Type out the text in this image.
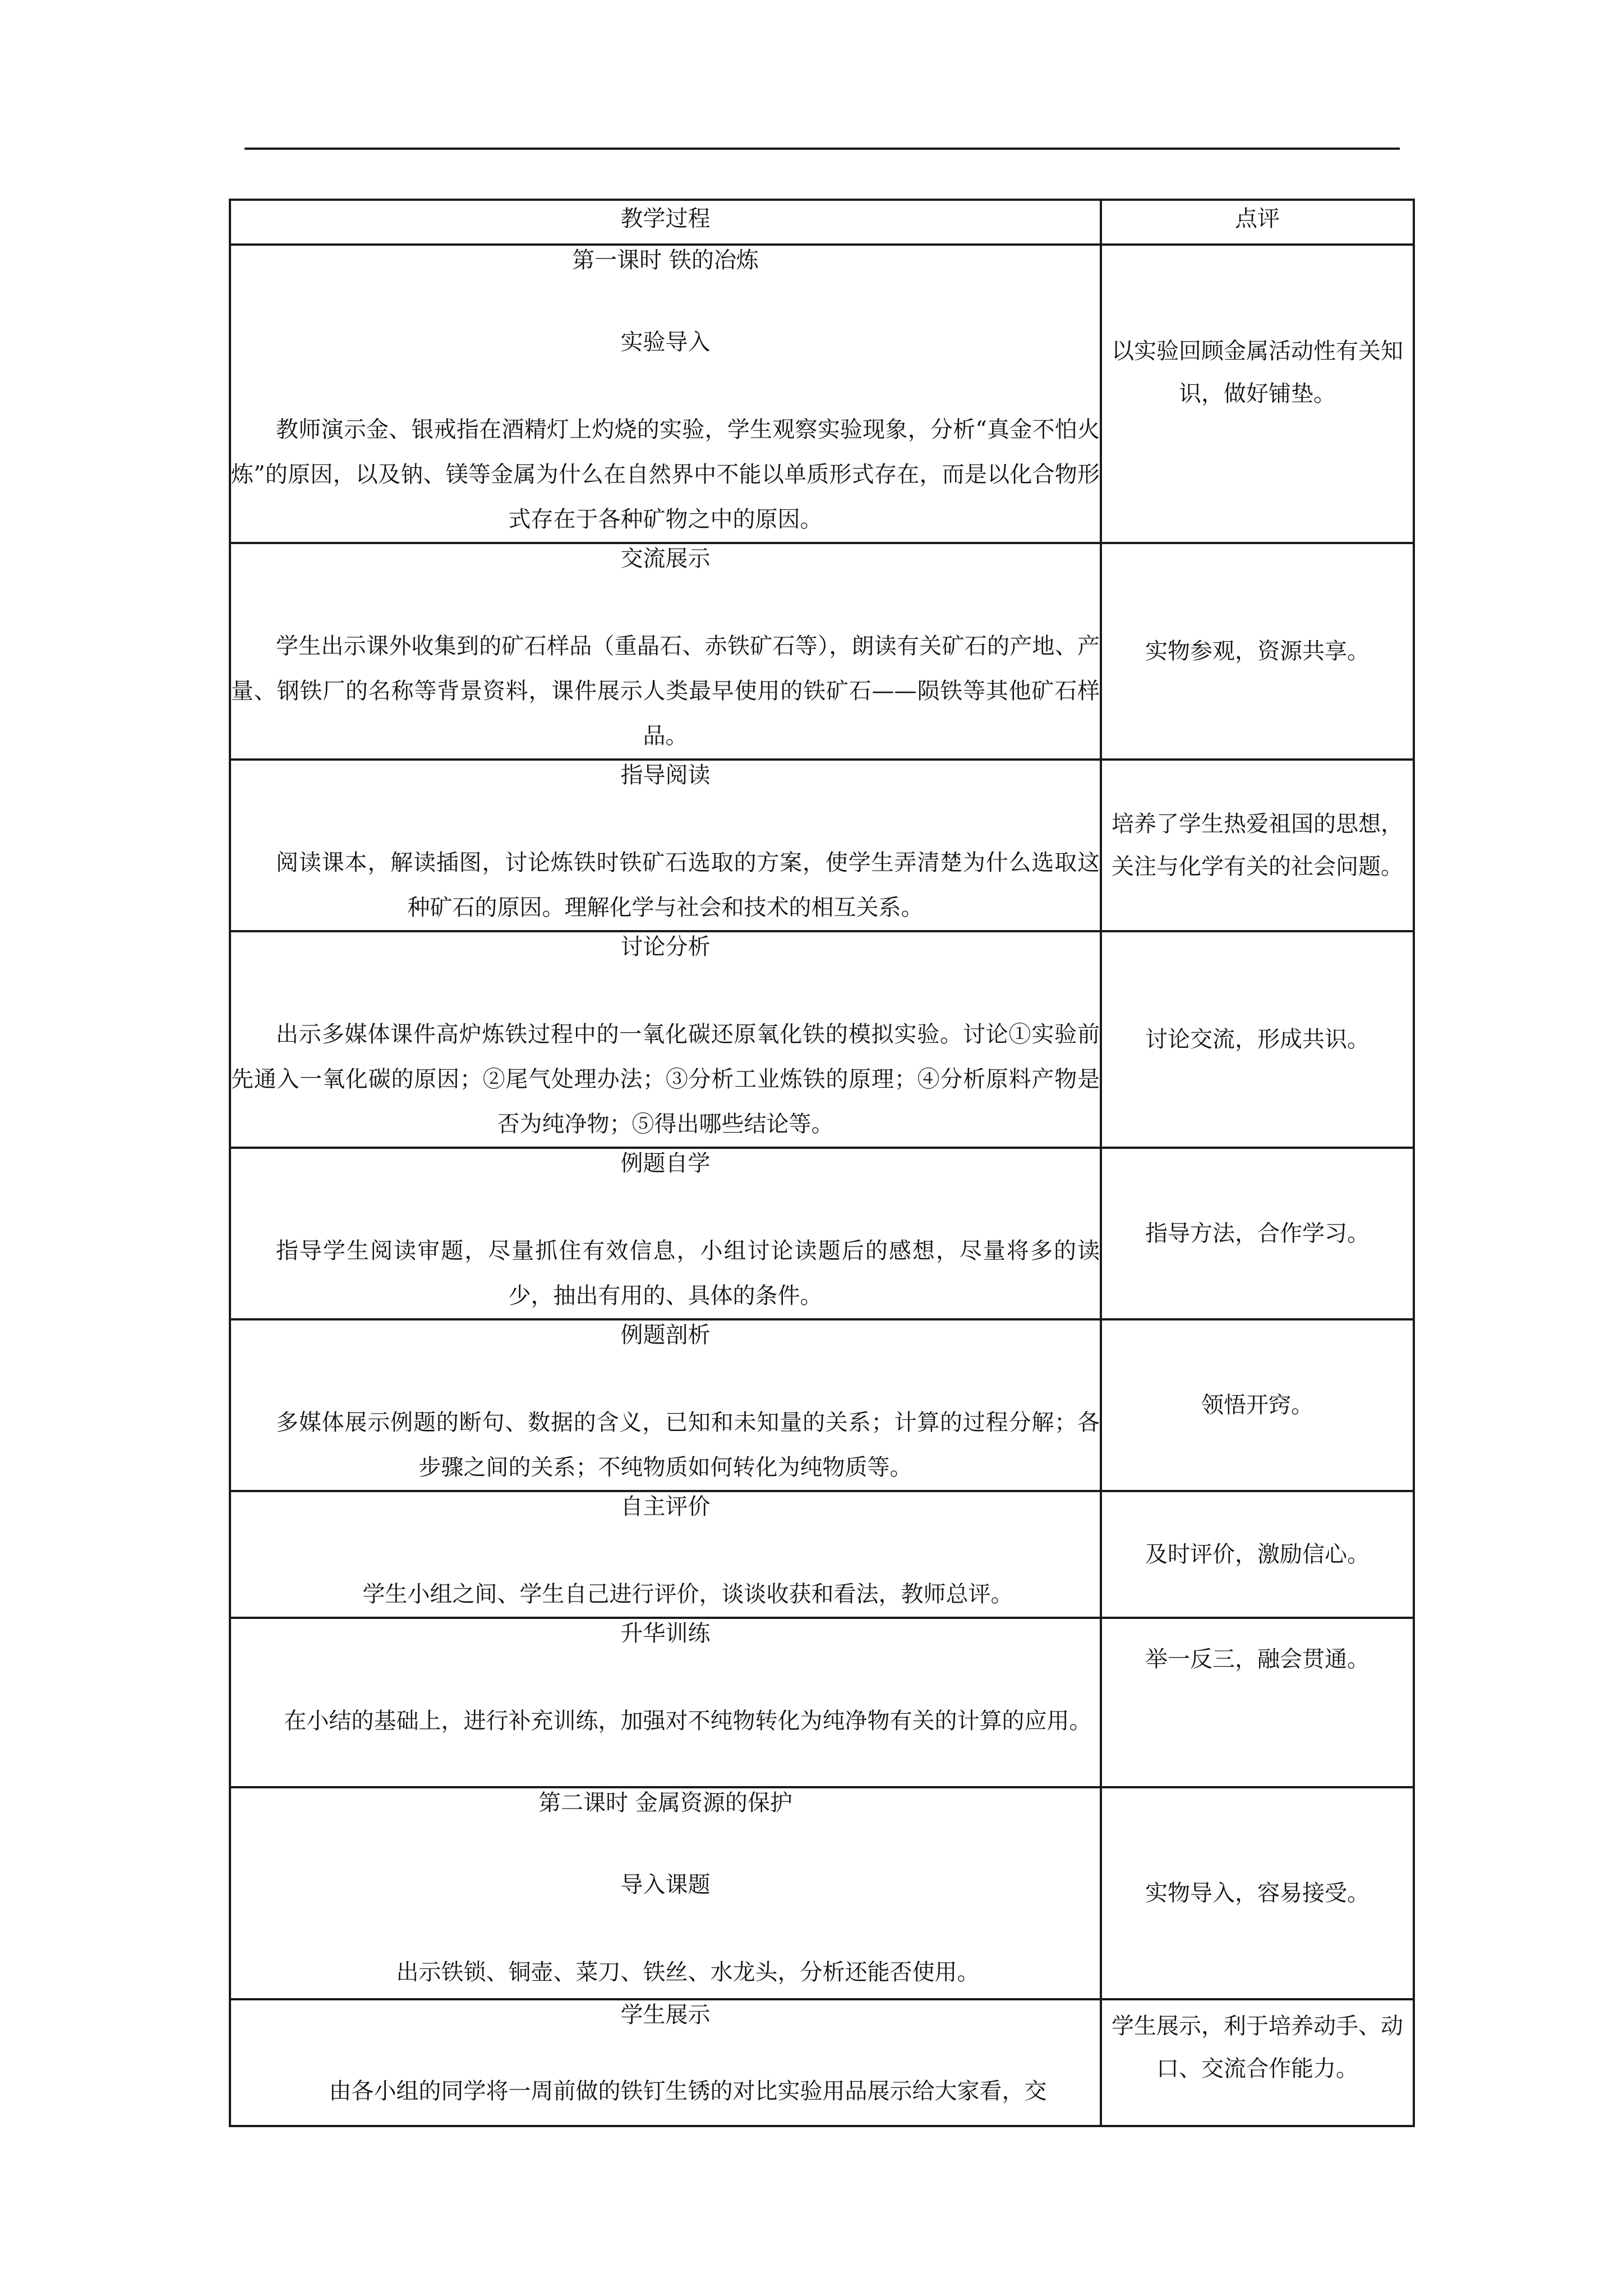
教学过程	点评

第一课时 铁的冶炼
实验导入
教师演示金、银戒指在酒精灯上灼烧的实验，学生观察实验现象，分析“真金不怕火炼”的原因，以及钠、镁等金属为什么在自然界中不能以单质形式存在，而是以化合物形式存在于各种矿物之中的原因。	以实验回顾金属活动性有关知识，做好铺垫。

交流展示
学生出示课外收集到的矿石样品（重晶石、赤铁矿石等），朗读有关矿石的产地、产量、钢铁厂的名称等背景资料，课件展示人类最早使用的铁矿石——陨铁等其他矿石样品。	实物参观，资源共享。

指导阅读
阅读课本，解读插图，讨论炼铁时铁矿石选取的方案，使学生弄清楚为什么选取这种矿石的原因。理解化学与社会和技术的相互关系。	培养了学生热爱祖国的思想，关注与化学有关的社会问题。

讨论分析
出示多媒体课件高炉炼铁过程中的一氧化碳还原氧化铁的模拟实验。讨论①实验前先通入一氧化碳的原因；②尾气处理办法；③分析工业炼铁的原理；④分析原料产物是否为纯净物；⑤得出哪些结论等。	讨论交流，形成共识。

例题自学
指导学生阅读审题，尽量抓住有效信息，小组讨论读题后的感想，尽量将多的读少，抽出有用的、具体的条件。	指导方法，合作学习。

例题剖析
多媒体展示例题的断句、数据的含义，已知和未知量的关系；计算的过程分解；各步骤之间的关系；不纯物质如何转化为纯物质等。	领悟开窍。

自主评价
学生小组之间、学生自己进行评价，谈谈收获和看法，教师总评。	及时评价，激励信心。

升华训练
在小结的基础上，进行补充训练，加强对不纯物转化为纯净物有关的计算的应用。	举一反三，融会贯通。

第二课时 金属资源的保护
导入课题
出示铁锁、铜壶、菜刀、铁丝、水龙头，分析还能否使用。	实物导入，容易接受。

学生展示
由各小组的同学将一周前做的铁钉生锈的对比实验用品展示给大家看，交	学生展示，利于培养动手、动口、交流合作能力。
